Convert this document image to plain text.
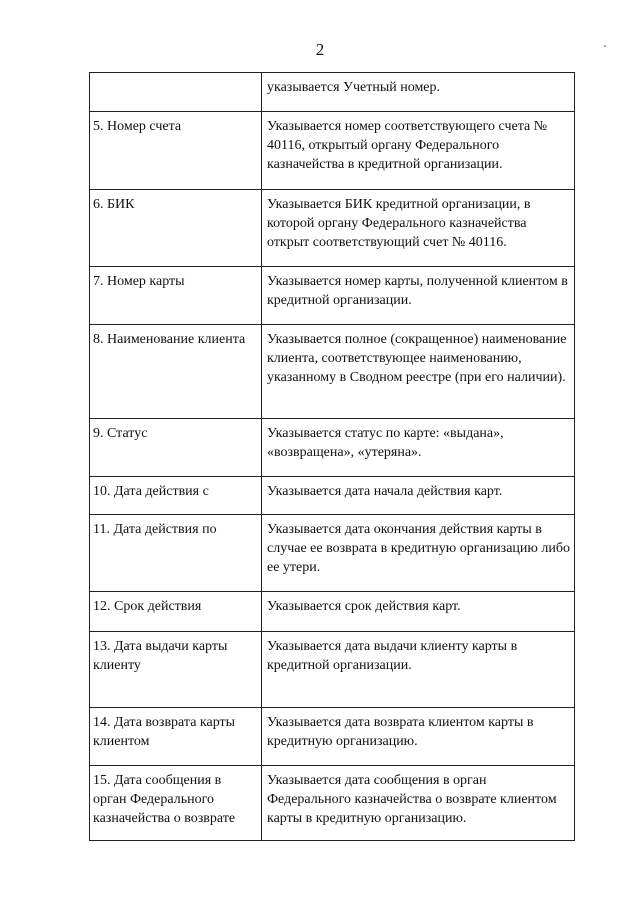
2
	указывается Учетный номер.
5. Номер счета	Указывается номер соответствующего счета № 40116, открытый органу Федерального казначейства в кредитной организации.
6. БИК	Указывается БИК кредитной организации, в которой органу Федерального казначейства открыт соответствующий счет № 40116.
7. Номер карты	Указывается номер карты, полученной клиентом в кредитной организации.
8. Наименование клиента	Указывается полное (сокращенное) наименование клиента, соответствующее наименованию, указанному в Сводном реестре (при его наличии).
9. Статус	Указывается статус по карте: «выдана», «возвращена», «утеряна».
10. Дата действия с	Указывается дата начала действия карт.
11. Дата действия по	Указывается дата окончания действия карты в случае ее возврата в кредитную организацию либо ее утери.
12. Срок действия	Указывается срок действия карт.
13. Дата выдачи карты клиенту	Указывается дата выдачи клиенту карты в кредитной организации.
14. Дата возврата карты клиентом	Указывается дата возврата клиентом карты в кредитную организацию.
15. Дата сообщения в орган Федерального казначейства о возврате	Указывается дата сообщения в орган Федерального казначейства о возврате клиентом карты в кредитную организацию.
